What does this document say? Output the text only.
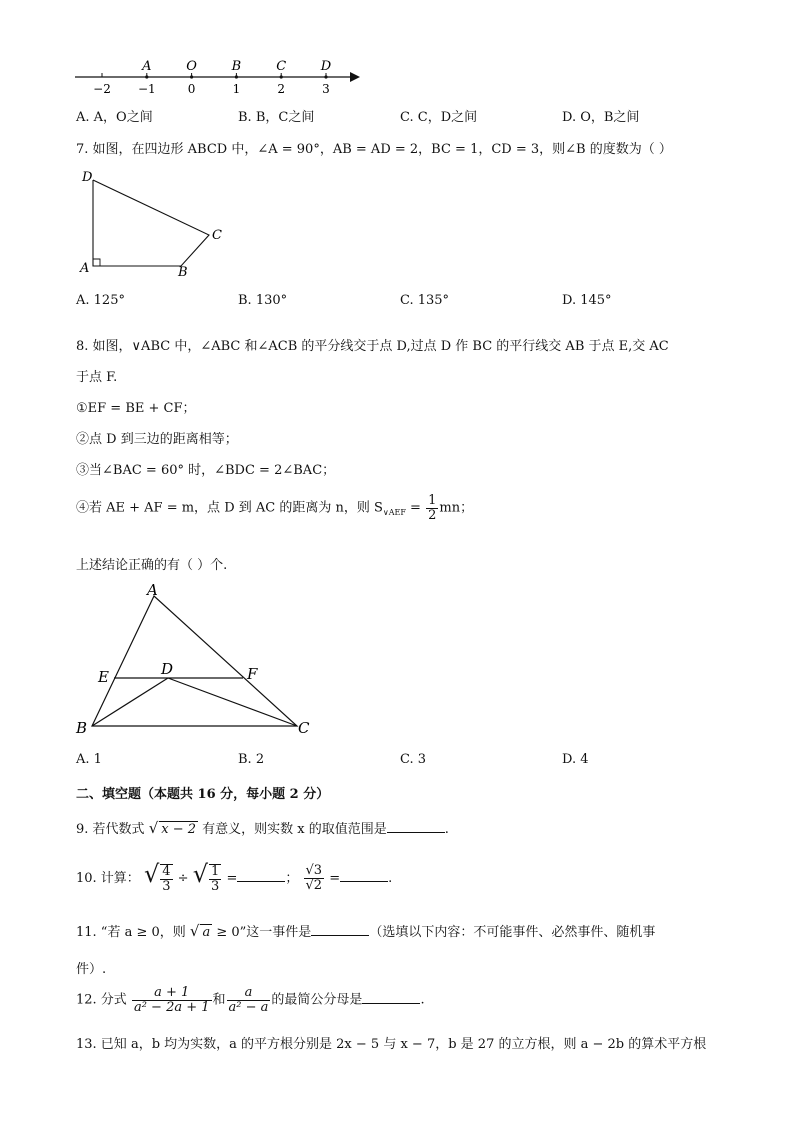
−2 −1	0	1	2	3
A	O	B	C	D
A. A，O之间	B. B，C之间	C. C，D之间	D. O，B之间
7. 如图，在四边形 ABCD 中，∠A = 90°，AB = AD = 2，BC = 1，CD = 3，则∠B 的度数为（ ）
D
C
A	B
A. 125°	B. 130°	C. 135°	D. 145°
8. 如图，∨ABC 中，∠ABC 和∠ACB 的平分线交于点 D,过点 D 作 BC 的平行线交 AB 于点 E,交 AC
于点 F.
①EF = BE + CF；
②点 D 到三边的距离相等；
③当∠BAC = 60° 时，∠BDC = 2∠BAC；
④若 AE + AF = m，点 D 到 AC 的距离为 n，则 $S_{\vee AEF} = \frac{1}{2}$ mn；
上述结论正确的有（ ）个.
A
E	D	F
B	C
A. 1	B. 2	C. 3	D. 4
二、填空题（本题共 16 分，每小题 2 分）
9. 若代数式 √ x − 2 有意义，则实数 x 的取值范围是	.
10. 计算： √ $\frac{4}{3}$ ÷ √ $\frac{1}{3}$ =	； $\frac{√3}{√2}$ =	.
11. “若 a ≥ 0，则 √ a ≥ 0”这一事件是	（选填以下内容：不可能事件、必然事件、随机事
件）.
12. 分式 $\frac{a + 1}{\text{a² − 2a + 1}}$ 和 $\frac{a}{\text{a² − a}}$ 的最简公分母是	.
13. 已知 a，b 均为实数，a 的平方根分别是 2x − 5 与 x − 7，b 是 27 的立方根，则 a − 2b 的算术平方根
